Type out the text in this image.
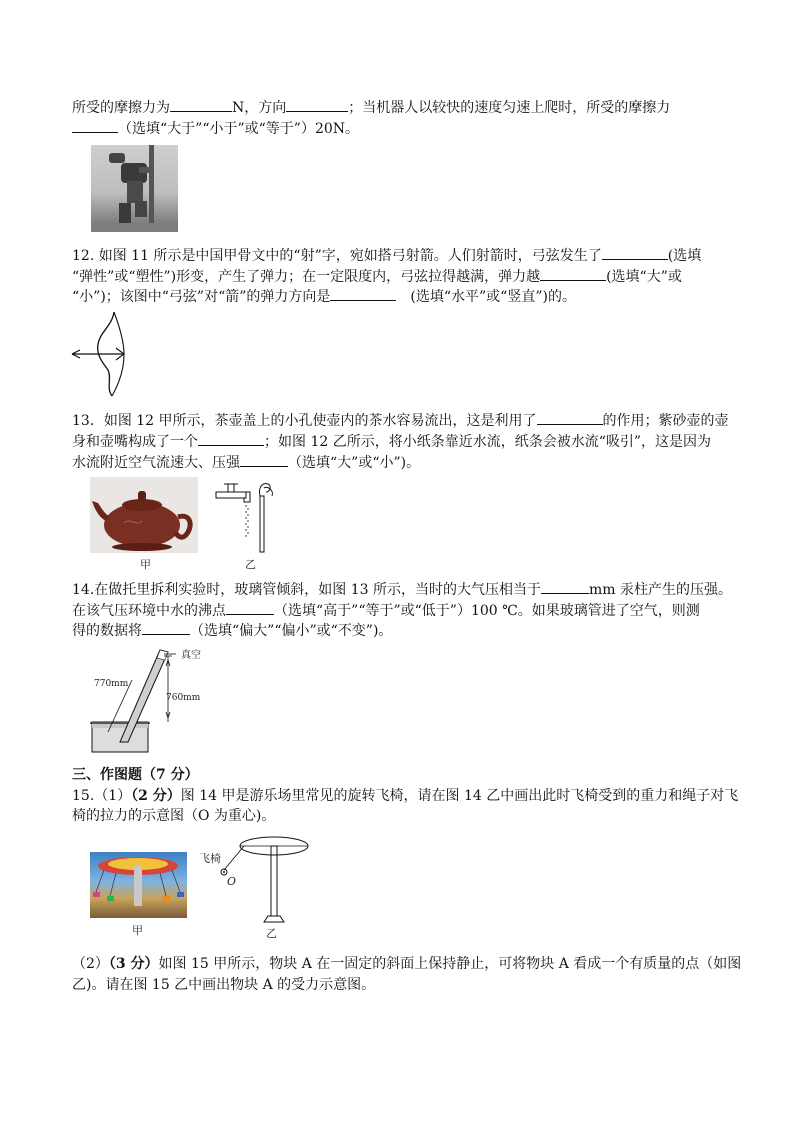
所受的摩擦力为	N，方向	；当机器人以较快的速度匀速上爬时，所受的摩擦力
（选填“大于”“小于”或“等于”）20N。
12. 如图 11 所示是中国甲骨文中的“射”字，宛如搭弓射箭。人们射箭时，弓弦发生了	(选填
“弹性”或“塑性”)形变，产生了弹力；在一定限度内，弓弦拉得越满，弹力越	(选填“大”或
“小”)；该图中“弓弦”对“箭”的弹力方向是	(选填“水平”或“竖直”)的。
13．如图 12 甲所示，茶壶盖上的小孔使壶内的茶水容易流出，这是利用了	的作用；紫砂壶的壶
身和壶嘴构成了一个	；如图 12 乙所示，将小纸条靠近水流，纸条会被水流“吸引”，这是因为
水流附近空气流速大、压强	（选填“大”或“小”)。
甲	乙
14.在做托里拆利实验时，玻璃管倾斜，如图 13 所示，当时的大气压相当于	mm 汞柱产生的压强。
在该气压环境中水的沸点	（选填“高于”“等于”或“低于”）100 ℃。如果玻璃管进了空气，则测
得的数据将	（选填“偏大”“偏小”或“不变”)。
真空
770mm
760mm
三、作图题（7 分）
15.（1）（2 分）图 14 甲是游乐场里常见的旋转飞椅，请在图 14 乙中画出此时飞椅受到的重力和绳子对飞
椅的拉力的示意图（O 为重心)。
甲
飞椅
O
乙
（2）（3 分）如图 15 甲所示，物块 A 在一固定的斜面上保持静止，可将物块 A 看成一个有质量的点（如图
乙)。请在图 15 乙中画出物块 A 的受力示意图。
